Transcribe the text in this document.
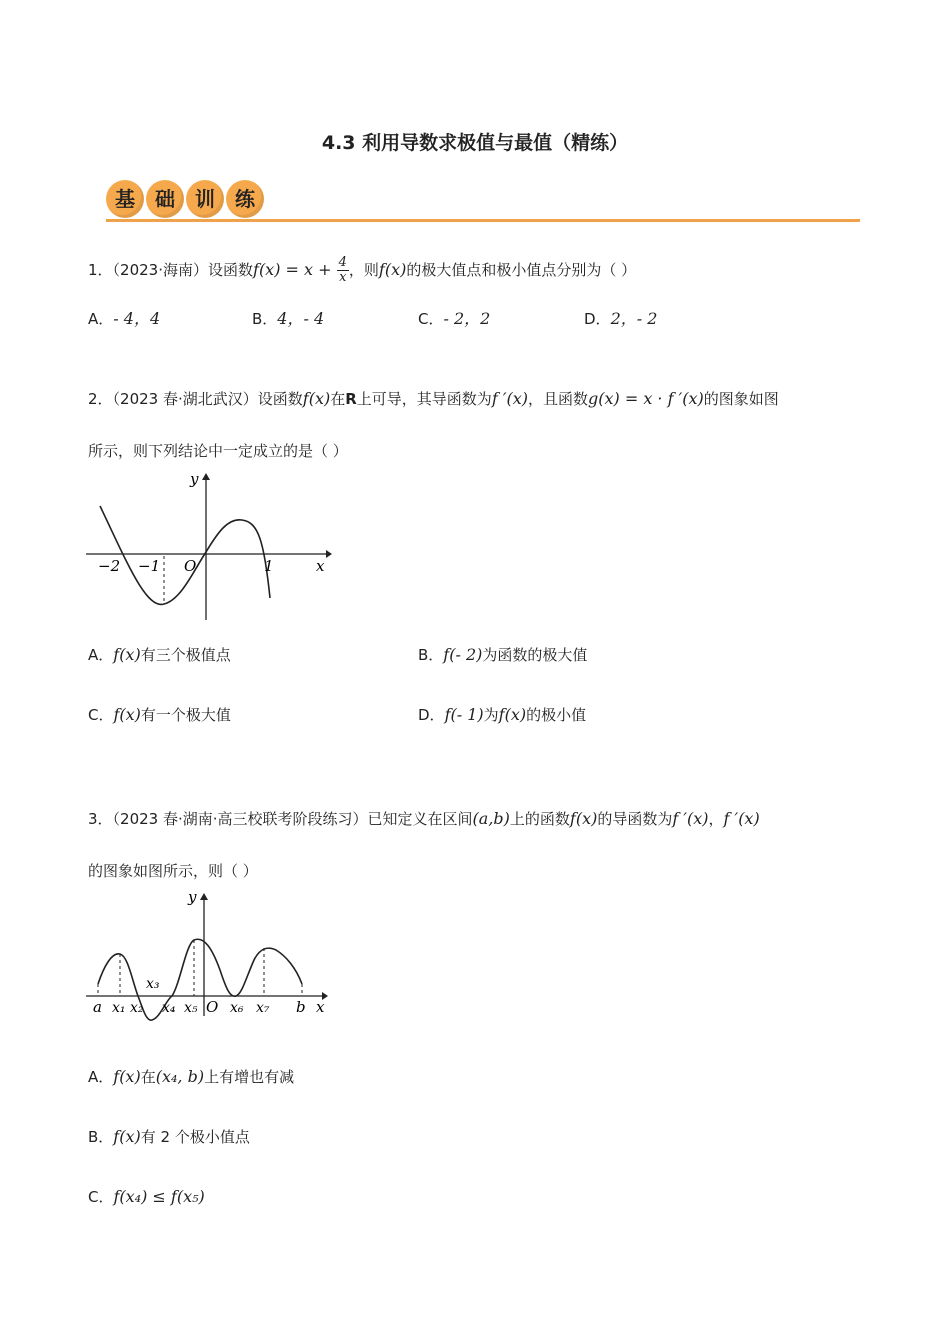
4.3 利用导数求极值与最值（精练）
基	础	训	练
1．（2023·海南）设函数$f(x) = x + \frac{4}{x}$ ，则f(x)的极大值点和极小值点分别为（ ）
A．- 4，4	B．4，- 4	C．- 2，2	D．2，- 2
2．（2023 春·湖北武汉）设函数f(x)在R上可导，其导函数为f ′(x)，且函数g(x) = x · f ′(x)的图象如图
所示，则下列结论中一定成立的是（ ）
y
x
−2 −1 O	1
A．f(x)有三个极值点	B．f(- 2)为函数的极大值
C．f(x)有一个极大值	D．f(- 1)为f(x)的极小值
3．（2023 春·湖南·高三校联考阶段练习）已知定义在区间(a,b)上的函数f(x)的导函数为f ′(x)，f ′(x)
的图象如图所示，则（ ）
y
x
a x₁ x₂
x₃
x₄ x₅ O x₆ x₇ b
A．f(x)在(x₄, b)上有增也有减
B．f(x)有 2 个极小值点
C．f(x₄) ≤ f(x₅)
